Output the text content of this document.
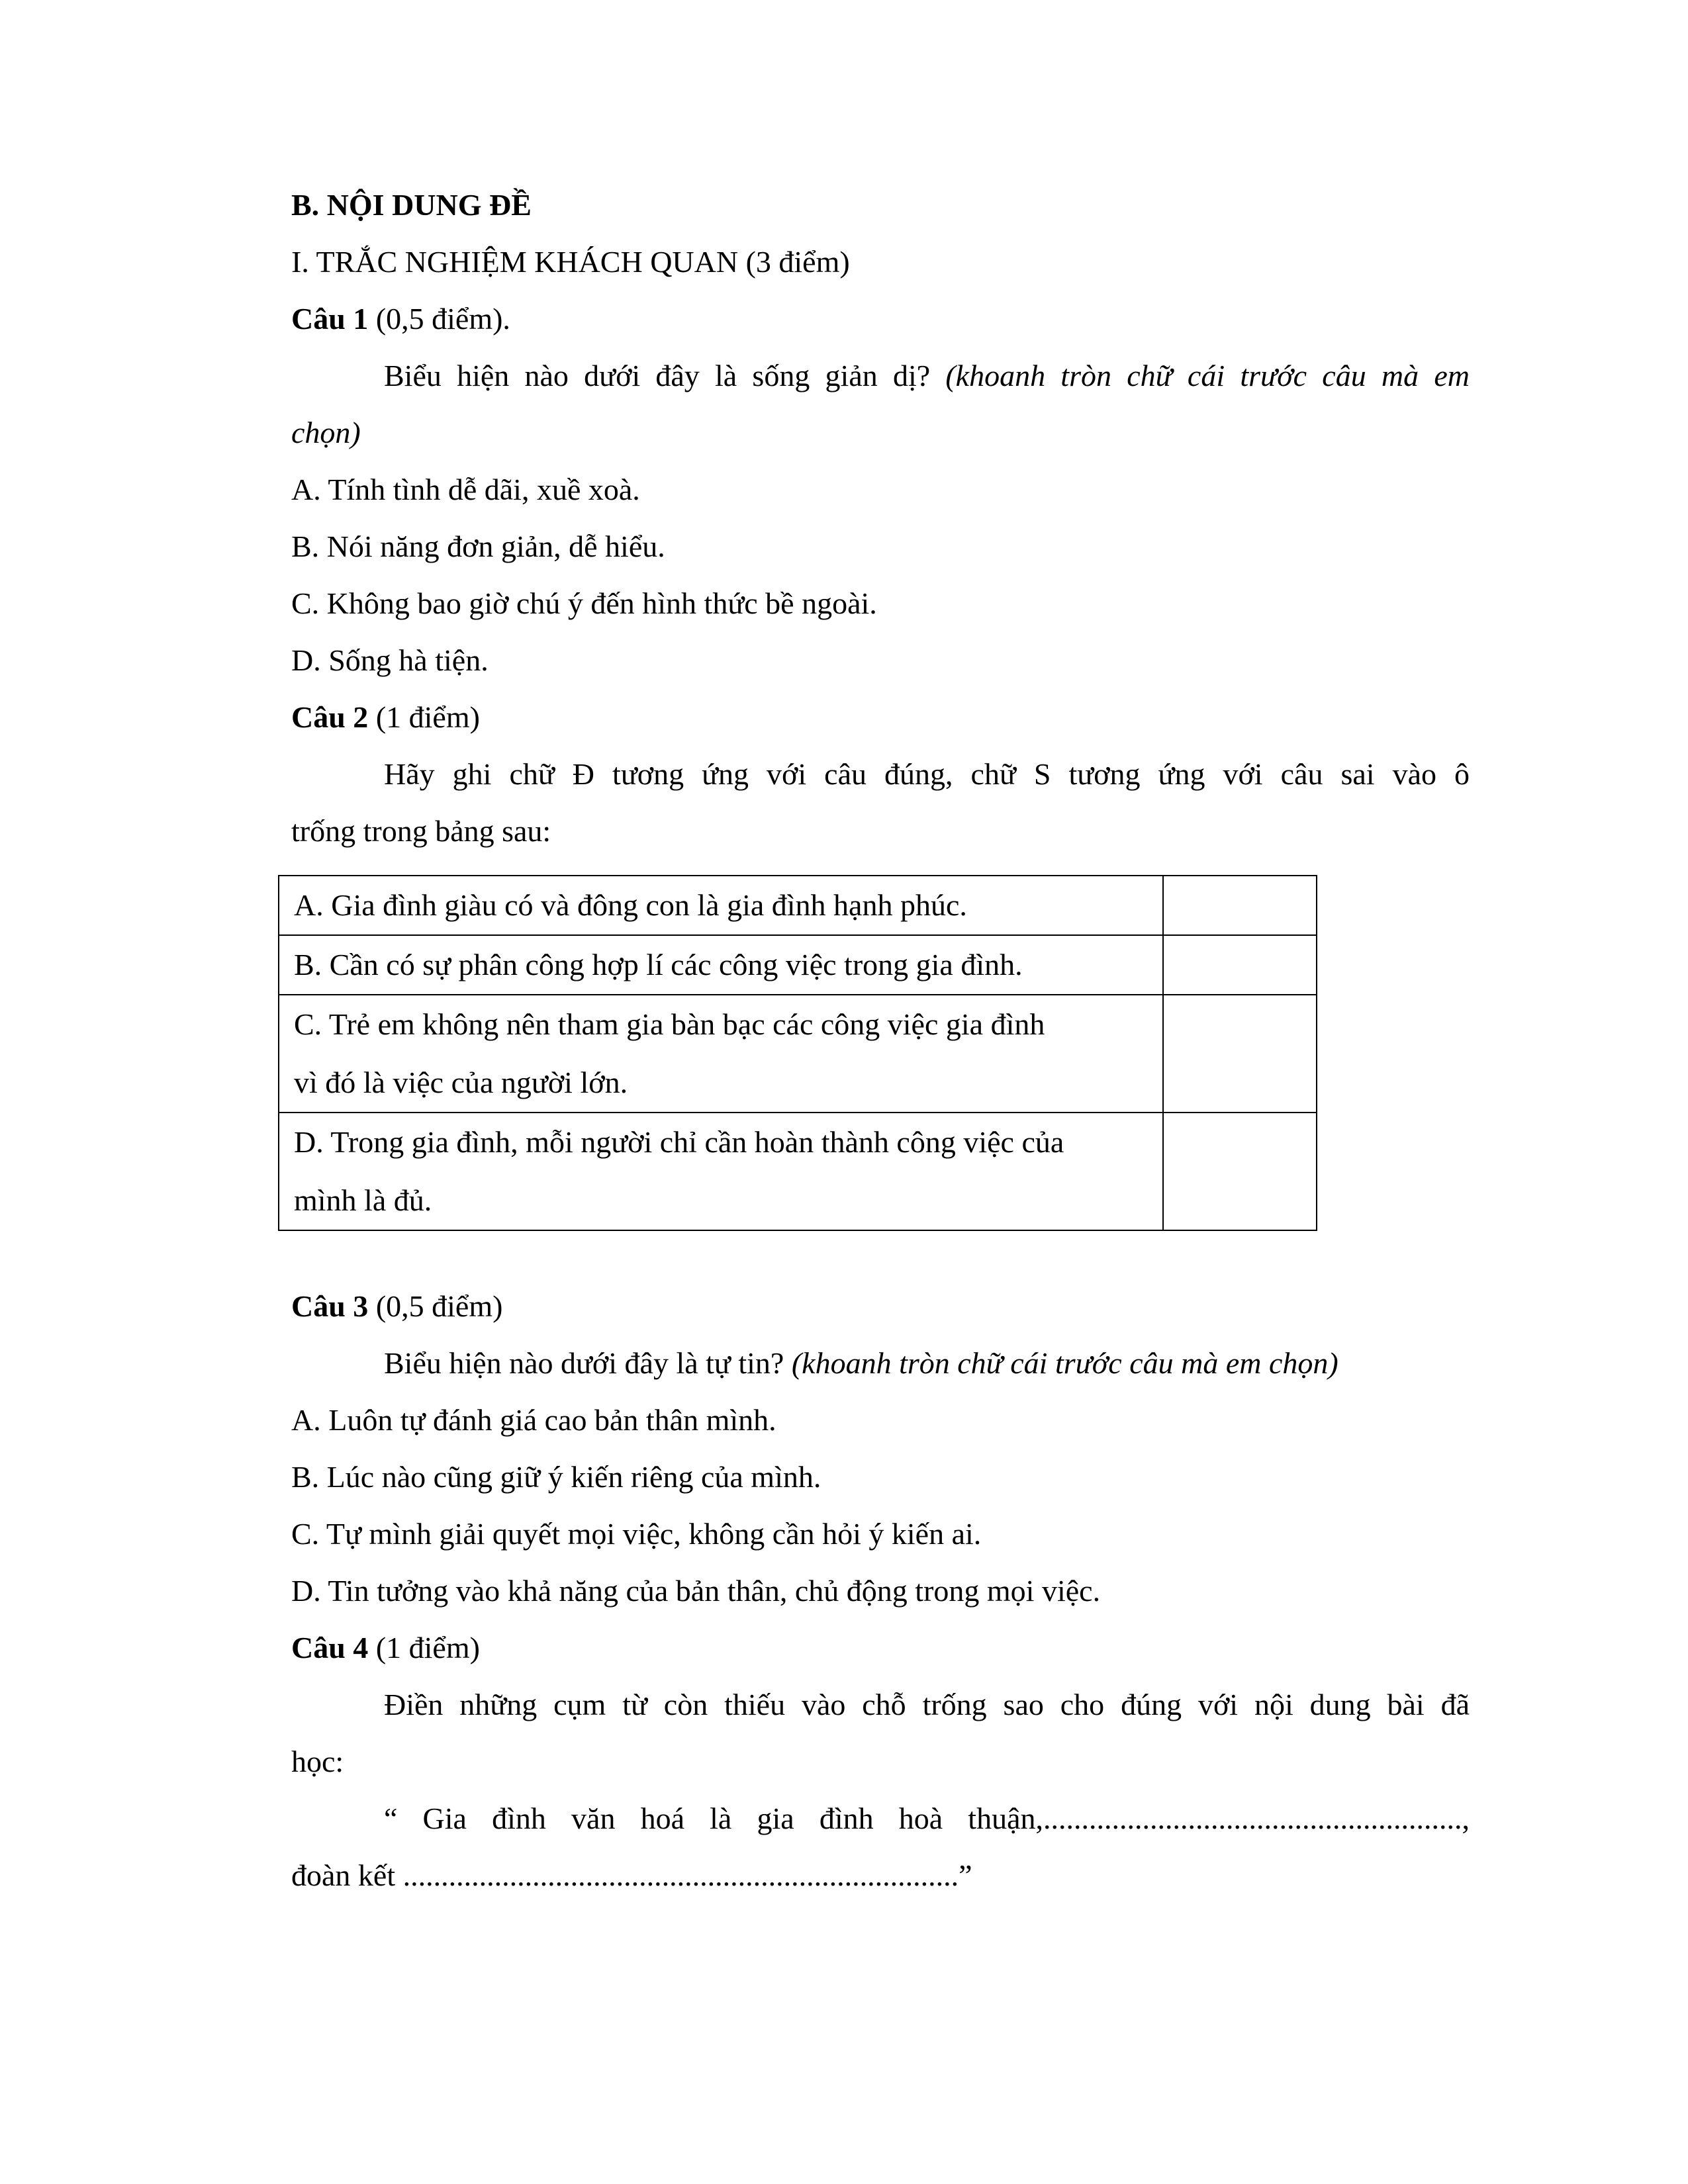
B. NỘI DUNG ĐỀ
I. TRẮC NGHIỆM KHÁCH QUAN (3 điểm)
Câu 1 (0,5 điểm).
Biểu hiện nào dưới đây là sống giản dị? (khoanh tròn chữ cái trước câu mà em
chọn)
A. Tính tình dễ dãi, xuề xoà.
B. Nói năng đơn giản, dễ hiểu.
C. Không bao giờ chú ý đến hình thức bề ngoài.
D. Sống hà tiện.
Câu 2 (1 điểm)
Hãy ghi chữ Đ tương ứng với câu đúng, chữ S tương ứng với câu sai vào ô
trống trong bảng sau:
A. Gia đình giàu có và đông con là gia đình hạnh phúc.	
B. Cần có sự phân công hợp lí các công việc trong gia đình.	
C. Trẻ em không nên tham gia bàn bạc các công việc gia đình
vì đó là việc của người lớn.	
D. Trong gia đình, mỗi người chỉ cần hoàn thành công việc của
mình là đủ.	
Câu 3 (0,5 điểm)
Biểu hiện nào dưới đây là tự tin? (khoanh tròn chữ cái trước câu mà em chọn)
A. Luôn tự đánh giá cao bản thân mình.
B. Lúc nào cũng giữ ý kiến riêng của mình.
C. Tự mình giải quyết mọi việc, không cần hỏi ý kiến ai.
D. Tin tưởng vào khả năng của bản thân, chủ động trong mọi việc.
Câu 4 (1 điểm)
Điền những cụm từ còn thiếu vào chỗ trống sao cho đúng với nội dung bài đã
học:
“ Gia đình văn hoá là gia đình hoà thuận,.......................................................,
đoàn kết .........................................................................”
